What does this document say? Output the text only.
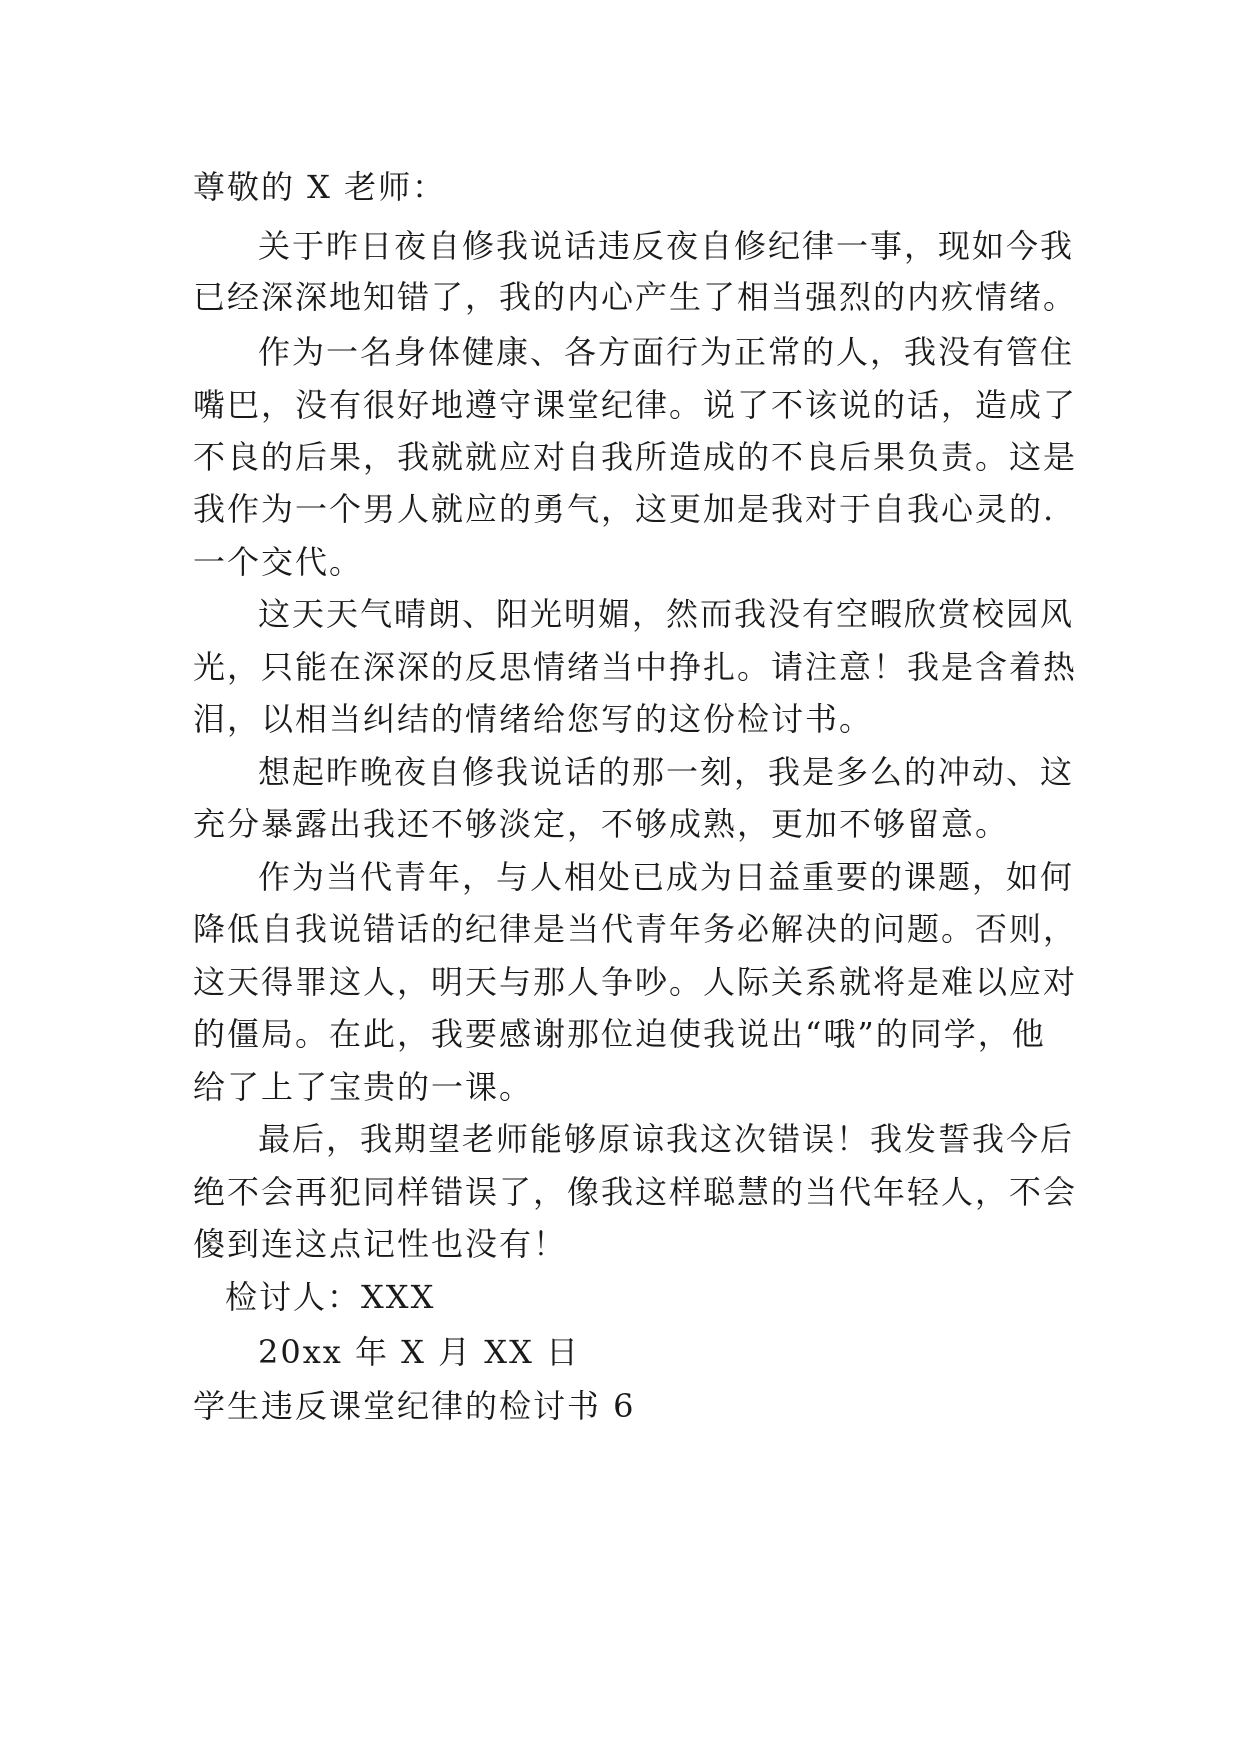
尊敬的 X 老师：
关于昨日夜自修我说话违反夜自修纪律一事，现如今我
已经深深地知错了，我的内心产生了相当强烈的内疚情绪。
作为一名身体健康、各方面行为正常的人，我没有管住
嘴巴，没有很好地遵守课堂纪律。说了不该说的话，造成了
不良的后果，我就就应对自我所造成的不良后果负责。这是
我作为一个男人就应的勇气，这更加是我对于自我心灵的.
一个交代。
这天天气晴朗、阳光明媚，然而我没有空暇欣赏校园风
光，只能在深深的反思情绪当中挣扎。请注意！我是含着热
泪，以相当纠结的情绪给您写的这份检讨书。
想起昨晚夜自修我说话的那一刻，我是多么的冲动、这
充分暴露出我还不够淡定，不够成熟，更加不够留意。
作为当代青年，与人相处已成为日益重要的课题，如何
降低自我说错话的纪律是当代青年务必解决的问题。否则，
这天得罪这人，明天与那人争吵。人际关系就将是难以应对
的僵局。在此，我要感谢那位迫使我说出“哦”的同学，他
给了上了宝贵的一课。
最后，我期望老师能够原谅我这次错误！我发誓我今后
绝不会再犯同样错误了，像我这样聪慧的当代年轻人，不会
傻到连这点记性也没有！
检讨人：XXX
20xx 年 X 月 XX 日
学生违反课堂纪律的检讨书 6
